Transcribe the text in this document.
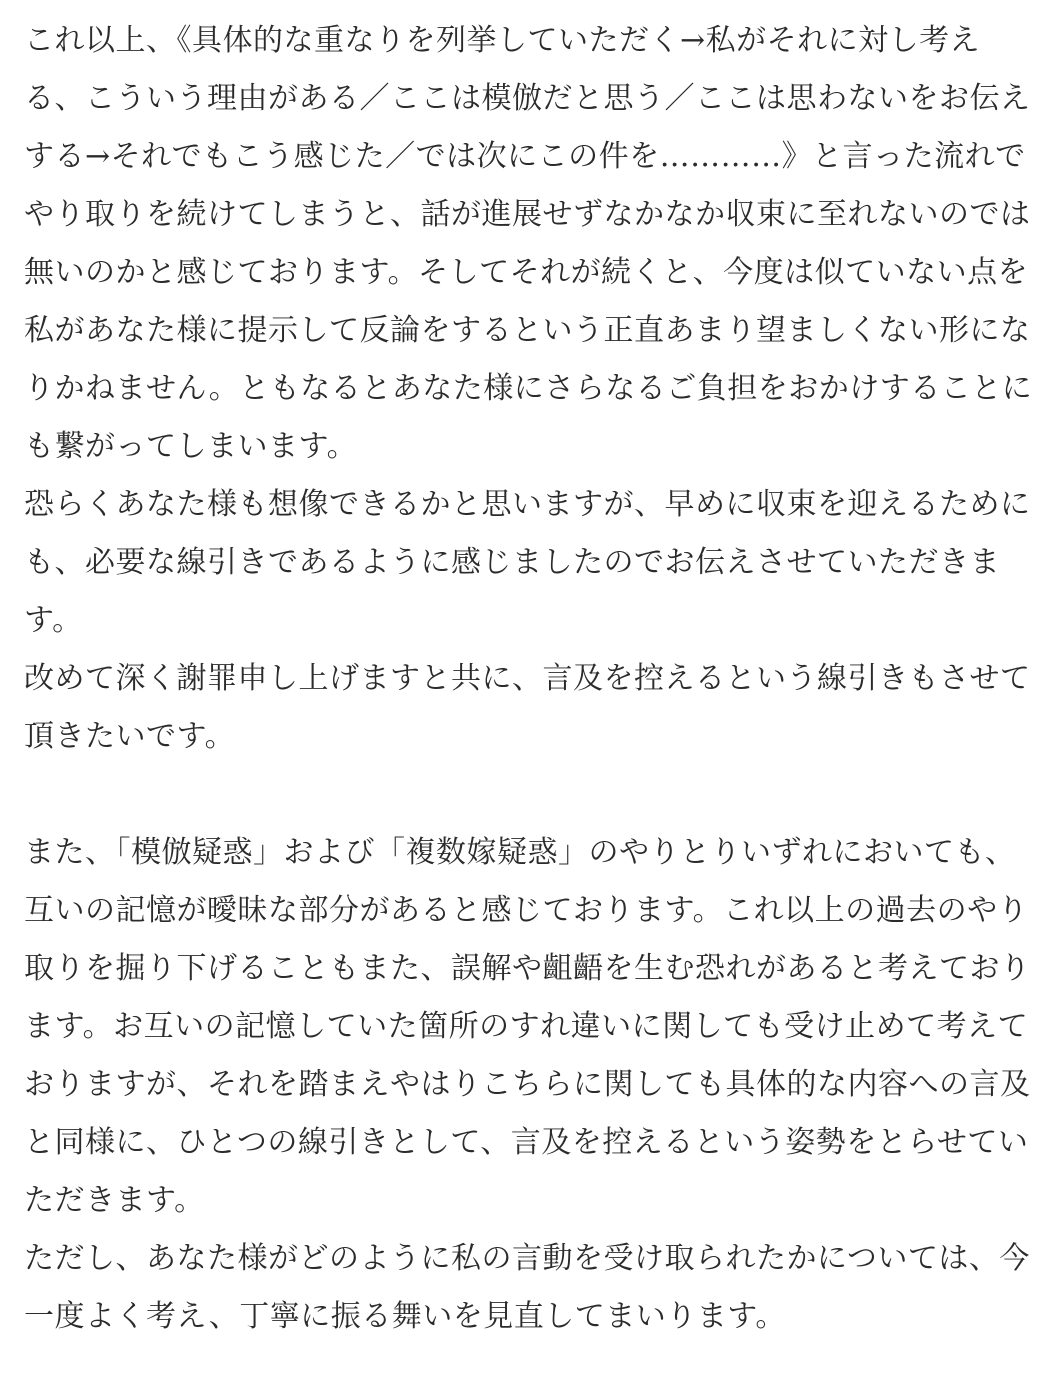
これ以上、《具体的な重なりを列挙していただく→私がそれに対し考え
る、こういう理由がある／ここは模倣だと思う／ここは思わないをお伝え
する→それでもこう感じた／では次にこの件を…………》と言った流れで
やり取りを続けてしまうと、話が進展せずなかなか収束に至れないのでは
無いのかと感じております。そしてそれが続くと、今度は似ていない点を
私があなた様に提示して反論をするという正直あまり望ましくない形にな
りかねません。ともなるとあなた様にさらなるご負担をおかけすることに
も繋がってしまいます。
恐らくあなた様も想像できるかと思いますが、早めに収束を迎えるために
も、必要な線引きであるように感じましたのでお伝えさせていただきま
す。
改めて深く謝罪申し上げますと共に、言及を控えるという線引きもさせて
頂きたいです。
また、「模倣疑惑」および「複数嫁疑惑」のやりとりいずれにおいても、
互いの記憶が曖昧な部分があると感じております。これ以上の過去のやり
取りを掘り下げることもまた、誤解や齟齬を生む恐れがあると考えており
ます。お互いの記憶していた箇所のすれ違いに関しても受け止めて考えて
おりますが、それを踏まえやはりこちらに関しても具体的な内容への言及
と同様に、ひとつの線引きとして、言及を控えるという姿勢をとらせてい
ただきます。
ただし、あなた様がどのように私の言動を受け取られたかについては、今
一度よく考え、丁寧に振る舞いを見直してまいります。
